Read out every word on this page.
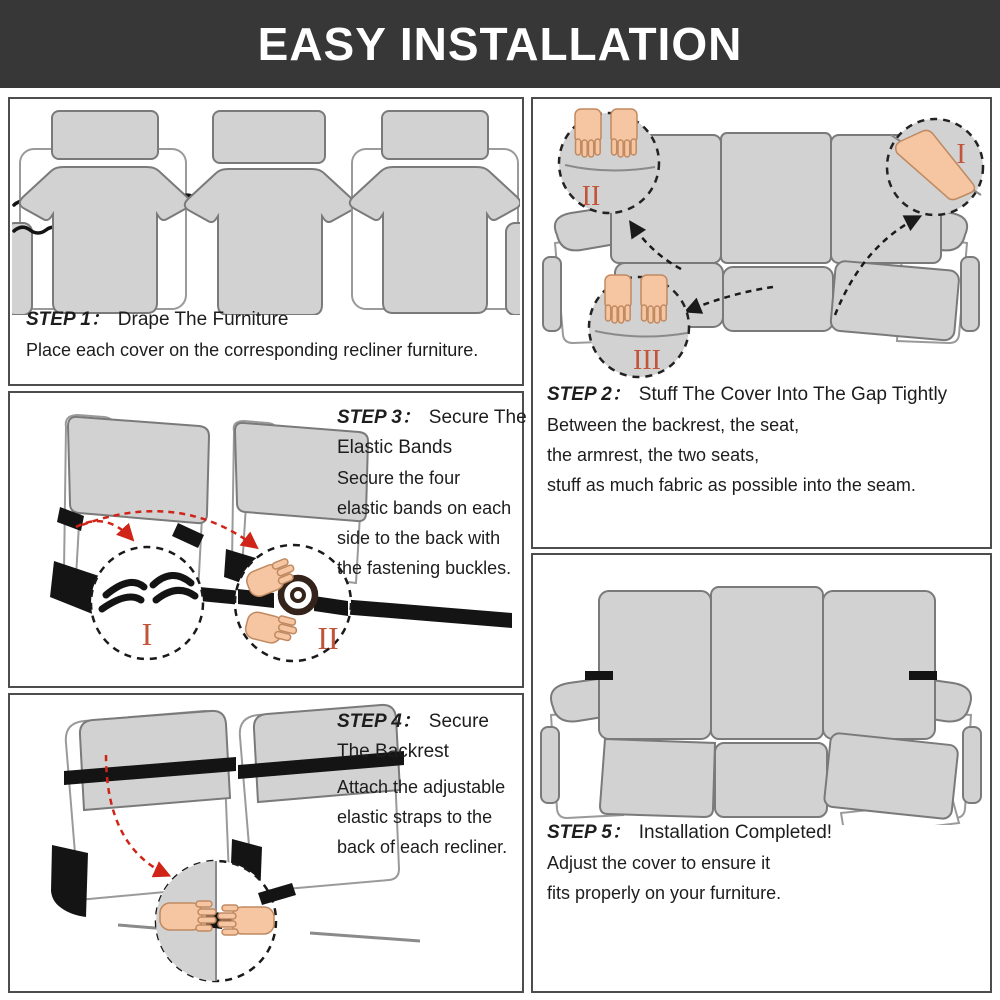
EASY INSTALLATION
STEP 1： Drape The Furniture
Place each cover on the corresponding recliner furniture.
II
I
III
STEP 2： Stuff The Cover Into The Gap Tightly
Between the backrest, the seat,
the armrest, the two seats,
stuff as much fabric as possible into the seam.
I	II
STEP 3： Secure The
Elastic Bands
Secure the four
elastic bands on each
side to the back with
the fastening buckles.
STEP 4： Secure
The Backrest
Attach the adjustable
elastic straps to the
back of each recliner.
STEP 5： Installation Completed!
Adjust the cover to ensure it
fits properly on your furniture.
